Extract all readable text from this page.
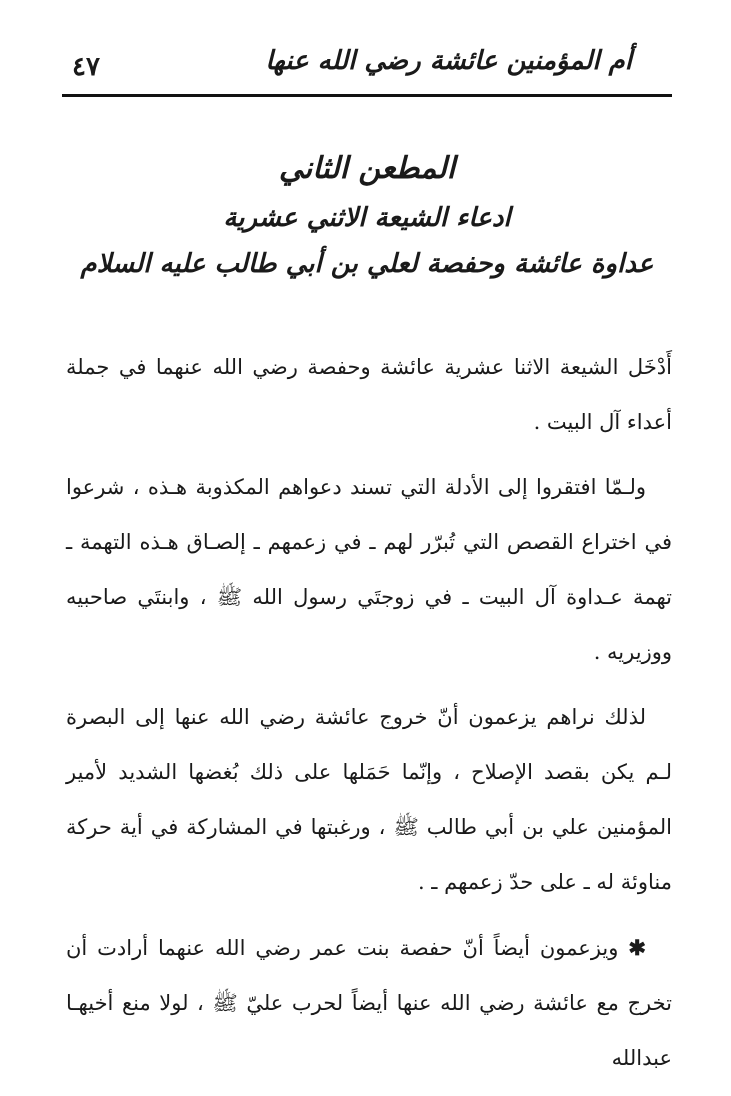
أم المؤمنين عائشة رضي الله عنها
٤٧
المطعن الثاني
ادعاء الشيعة الاثني عشرية
عداوة عائشة وحفصة لعلي بن أبي طالب عليه السلام

أَدْخَل الشيعة الاثنا عشرية عائشة وحفصة رضي الله عنهما في جملة أعداء آل البيت .

ولـمّا افتقروا إلى الأدلة التي تسند دعواهم المكذوبة هـذه ، شرعوا في اختراع القصص التي تُبرّر لهم ـ في زعمهم ـ إلصـاق هـذه التهمة ـ تهمة عـداوة آل البيت ـ في زوجتَي رسول الله ﷺ ، وابنتَي صاحبيه ووزيريه .

لذلك نراهم يزعمون أنّ خروج عائشة رضي الله عنها إلى البصرة لـم يكن بقصد الإصلاح ، وإنّما حَمَلها على ذلك بُغضها الشديد لأمير المؤمنين علي بن أبي طالب ﷺ ، ورغبتها في المشاركة في أية حركة مناوئة له ـ على حدّ زعمهم ـ .

✱ويزعمون أيضاً أنّ حفصة بنت عمر رضي الله عنهما أرادت أن تخرج مع عائشة رضي الله عنها أيضاً لحرب عليّ ﷺ ، لولا منع أخيهـا عبدالله
